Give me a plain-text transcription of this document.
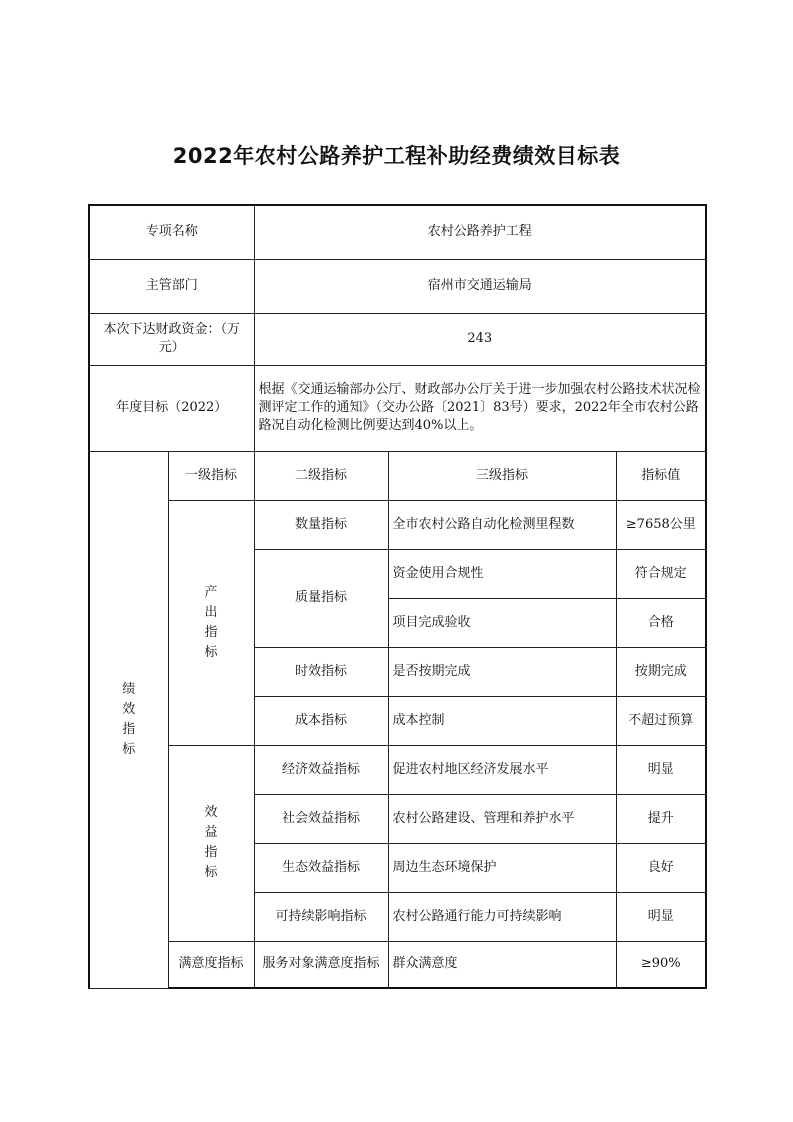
2022年农村公路养护工程补助经费绩效目标表
专项名称		农村公路养护工程		
主管部门		宿州市交通运输局		
本次下达财政资金：（万元）		243		
年度目标（2022）		根据《交通运输部办公厅、财政部办公厅关于进一步加强农村公路技术状况检测评定工作的通知》（交办公路〔2021〕83号）要求，2022年全市农村公路路况自动化检测比例要达到40%以上。		
绩效指标	一级指标	二级指标	三级指标	指标值
	产出指标	数量指标	全市农村公路自动化检测里程数	≥7658公里
		质量指标	资金使用合规性	符合规定
			项目完成验收	合格
		时效指标	是否按期完成	按期完成
		成本指标	成本控制	不超过预算
	效益指标	经济效益指标	促进农村地区经济发展水平	明显
		社会效益指标	农村公路建设、管理和养护水平	提升
		生态效益指标	周边生态环境保护	良好
		可持续影响指标	农村公路通行能力可持续影响	明显
	满意度指标	服务对象满意度指标	群众满意度	≥90%
